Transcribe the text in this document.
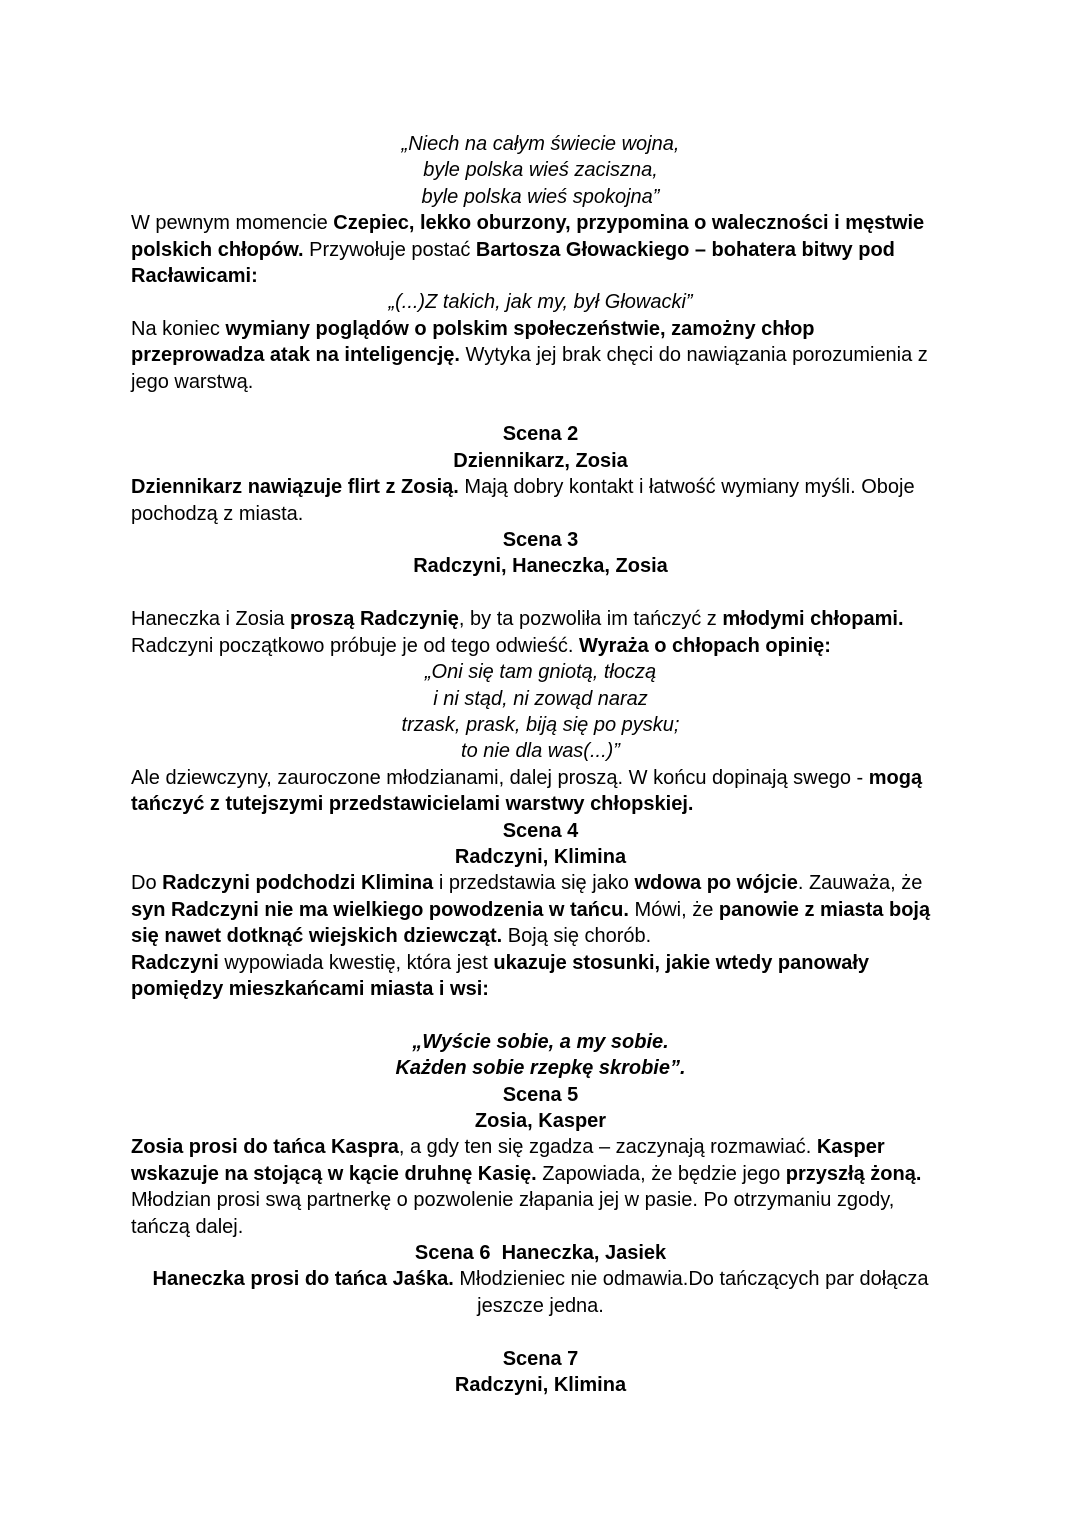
„Niech na całym świecie wojna,
byle polska wieś zaciszna,
byle polska wieś spokojna”
W pewnym momencie Czepiec, lekko oburzony, przypomina o waleczności i męstwie polskich chłopów. Przywołuje postać Bartosza Głowackiego – bohatera bitwy pod Racławicami:
„(...)Z takich, jak my, był Głowacki”
Na koniec wymiany poglądów o polskim społeczeństwie, zamożny chłop przeprowadza atak na inteligencję. Wytyka jej brak chęci do nawiązania porozumienia z jego warstwą.
Scena 2
Dziennikarz, Zosia
Dziennikarz nawiązuje flirt z Zosią. Mają dobry kontakt i łatwość wymiany myśli. Oboje pochodzą z miasta.
Scena 3
Radczyni, Haneczka, Zosia
Haneczka i Zosia proszą Radczynię, by ta pozwoliła im tańczyć z młodymi chłopami. Radczyni początkowo próbuje je od tego odwieść. Wyraża o chłopach opinię:
„Oni się tam gniotą, tłoczą
i ni stąd, ni zowąd naraz
trzask, prask, biją się po pysku;
to nie dla was(...)”
Ale dziewczyny, zauroczone młodzianami, dalej proszą. W końcu dopinają swego - mogą tańczyć z tutejszymi przedstawicielami warstwy chłopskiej.
Scena 4
Radczyni, Klimina
Do Radczyni podchodzi Klimina i przedstawia się jako wdowa po wójcie. Zauważa, że syn Radczyni nie ma wielkiego powodzenia w tańcu. Mówi, że panowie z miasta boją się nawet dotknąć wiejskich dziewcząt. Boją się chorób.
Radczyni wypowiada kwestię, która jest ukazuje stosunki, jakie wtedy panowały pomiędzy mieszkańcami miasta i wsi:
„Wyście sobie, a my sobie.
Każden sobie rzepkę skrobie”.
Scena 5
Zosia, Kasper
Zosia prosi do tańca Kaspra, a gdy ten się zgadza – zaczynają rozmawiać. Kasper wskazuje na stojącą w kącie druhnę Kasię. Zapowiada, że będzie jego przyszłą żoną. Młodzian prosi swą partnerkę o pozwolenie złapania jej w pasie. Po otrzymaniu zgody, tańczą dalej.
Scena 6  Haneczka, Jasiek
Haneczka prosi do tańca Jaśka. Młodzieniec nie odmawia.Do tańczących par dołącza jeszcze jedna.
Scena 7
Radczyni, Klimina
